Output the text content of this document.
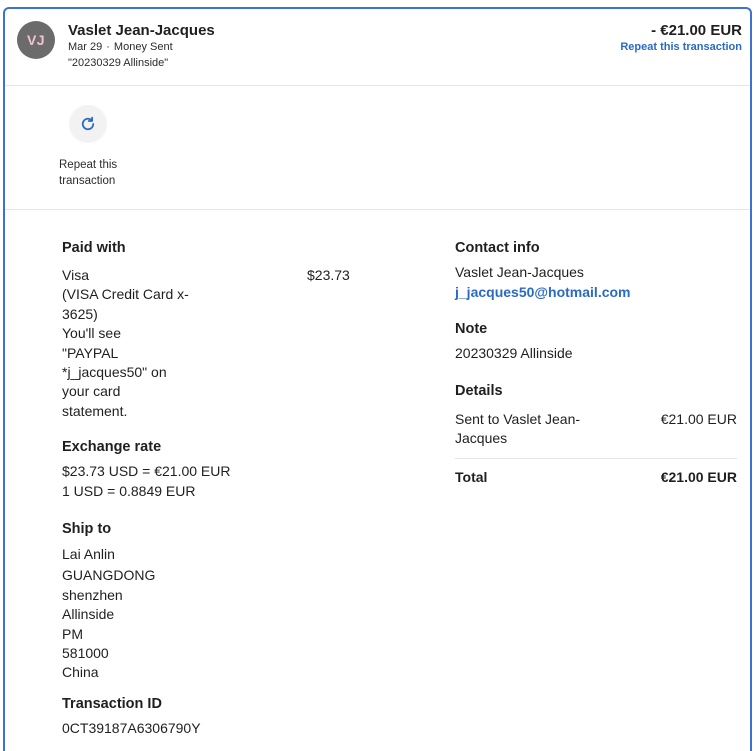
VJ
Vaslet Jean-Jacques
Mar 29 · Money Sent
"20230329 Allinside"
- €21.00 EUR
Repeat this transaction
Repeat this transaction
Paid with
Visa
(VISA Credit Card x-
3625)
You'll see
"PAYPAL
*j_jacques50" on
your card
statement.
$23.73
Exchange rate
$23.73 USD = €21.00 EUR
1 USD = 0.8849 EUR
Ship to
Lai Anlin
GUANGDONG
shenzhen
Allinside
PM
581000
China
Transaction ID
0CT39187A6306790Y
Contact info
Vaslet Jean-Jacques
j_jacques50@hotmail.com
Note
20230329 Allinside
Details
Sent to Vaslet Jean-
Jacques
€21.00 EUR
Total	€21.00 EUR
